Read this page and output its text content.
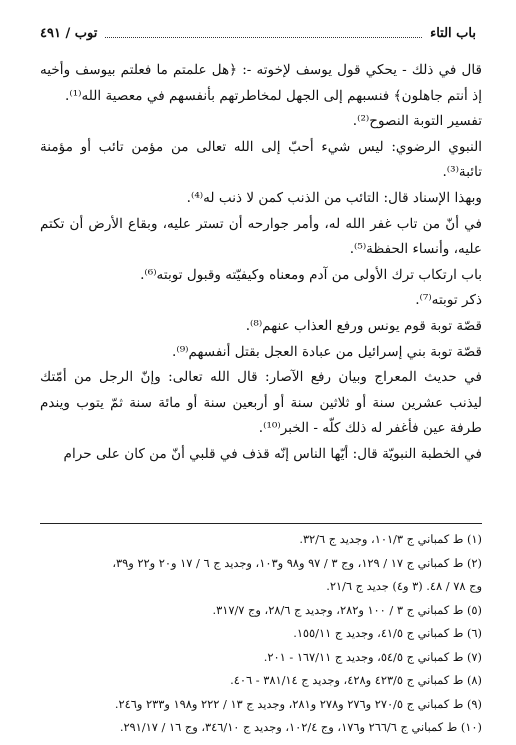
باب التاء
توب / ٤٩١

قال في ذلك - يحكي قول يوسف لإخوته -: ﴿هل علمتم ما فعلتم بيوسف وأخيه إذ أنتم جاهلون﴾ فنسبهم إلى الجهل لمخاطرتهم بأنفسهم في معصية الله⁽¹⁾.

تفسير التوبة النصوح⁽²⁾.

النبوي الرضوي: ليس شيء أحبّ إلى الله تعالى من مؤمن تائب أو مؤمنة تائبة⁽³⁾.

وبهذا الإسناد قال: التائب من الذنب كمن لا ذنب له⁽⁴⁾.

في أنّ من تاب غفر الله له، وأمر جوارحه أن تستر عليه، وبقاع الأرض أن تكتم عليه، وأنساء الحفظة⁽⁵⁾.

باب ارتكاب ترك الأولى من آدم ومعناه وكيفيّته وقبول توبته⁽⁶⁾.

ذكر توبته⁽⁷⁾.

قصّة توبة قوم يونس ورفع العذاب عنهم⁽⁸⁾.

قصّة توبة بني إسرائيل من عبادة العجل بقتل أنفسهم⁽⁹⁾.

في حديث المعراج وبيان رفع الآصار: قال الله تعالى: وإنّ الرجل من أمّتك ليذنب عشرين سنة أو ثلاثين سنة أو أربعين سنة أو مائة سنة ثمّ يتوب ويندم طرفة عين فأغفر له ذلك كلّه - الخبر⁽¹⁰⁾.

في الخطبة النبويّة قال: أيّها الناس إنّه قذف في قلبي أنّ من كان على حرام

(١) ط كمباني ج ١٠١/٣، وجديد ج ٣٢/٦.
(٢) ط كمباني ج ١٧ / ١٢٩، وج ٣ / ٩٧ و٩٨ و١٠٣، وجديد ج ٦ / ١٧ و٢٠ و٢٢ و٣٩،
وج ٧٨ / ٤٨. (٣ و٤) جديد ج ٢١/٦.
(٥) ط كمباني ج ٣ / ١٠٠ و٢٨٢، وجديد ج ٢٨/٦، وج ٣١٧/٧.
(٦) ط كمباني ج ٤١/٥، وجديد ج ١٥٥/١١.
(٧) ط كمباني ج ٥٤/٥، وجديد ج ١٦٧/١١ - ٢٠١.
(٨) ط كمباني ج ٤٢٣/٥ و٤٢٨، وجديد ج ٣٨١/١٤ - ٤٠٦.
(٩) ط كمباني ج ٢٧٠/٥ و٢٧٦ و٢٧٨ و٢٨١، وجديد ج ١٣ / ٢٢٢ و١٩٨ و٢٣٣ و٢٤٦.
(١٠) ط كمباني ج ٢٦٦/٦ و١٧٦، وج ١٠٢/٤، وجديد ج ٣٤٦/١٠، وج ١٦ / ٢٩١/١٧.
